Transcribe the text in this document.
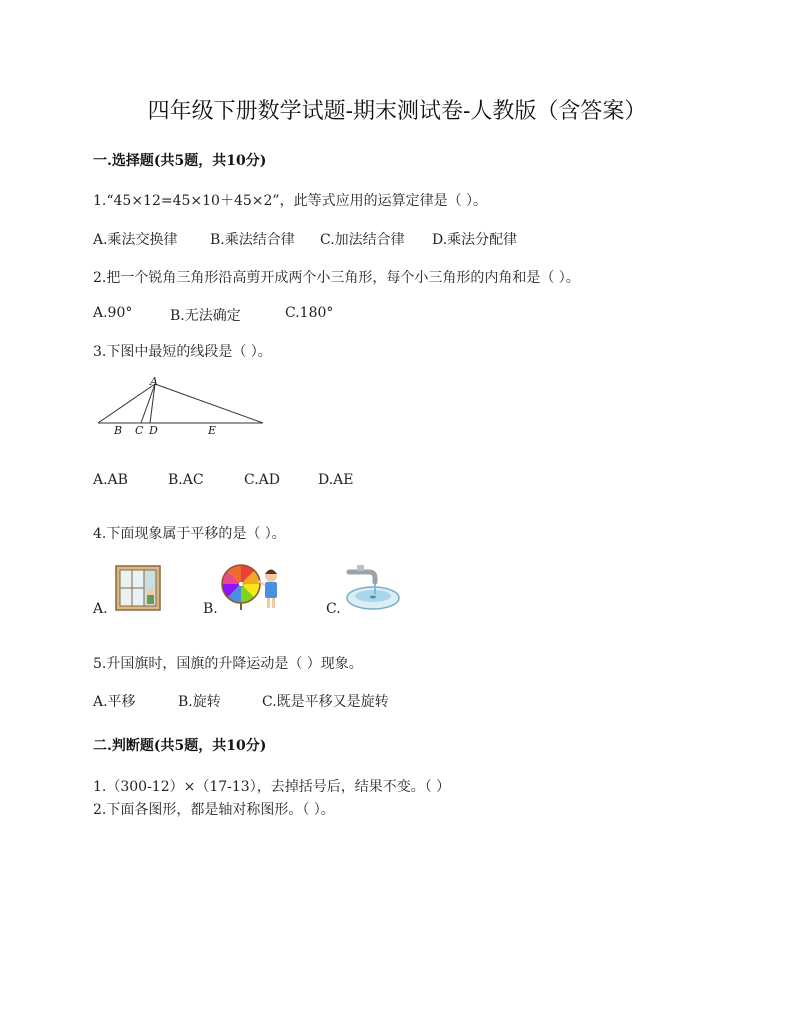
四年级下册数学试题-期末测试卷-人教版（含答案）
一.选择题(共5题，共10分)
1.“45×12=45×10＋45×2”，此等式应用的运算定律是（ ）。
A.乘法交换律 B.乘法结合律 C.加法结合律 D.乘法分配律
2.把一个锐角三角形沿高剪开成两个小三角形，每个小三角形的内角和是（ ）。
A.90°	B.无法确定	C.180°
3.下图中最短的线段是（ ）。
A
B C D	E
A.AB	B.AC	C.AD	D.AE
4.下面现象属于平移的是（ ）。
A.	B.	C.
5.升国旗时，国旗的升降运动是（ ）现象。
A.平移	B.旋转	C.既是平移又是旋转
二.判断题(共5题，共10分)
1.（300-12）×（17-13），去掉括号后，结果不变。（ ）
2.下面各图形，都是轴对称图形。（ ）。
